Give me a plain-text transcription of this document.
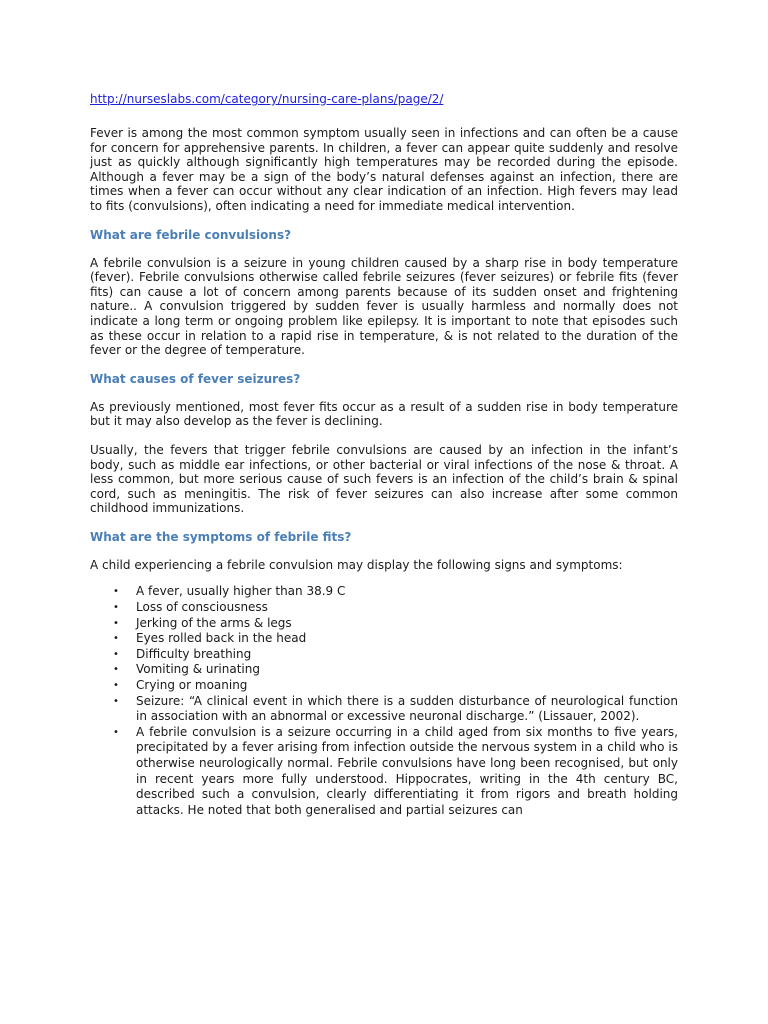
http://nurseslabs.com/category/nursing-care-plans/page/2/

Fever is among the most common symptom usually seen in infections and can often be a cause for concern for apprehensive parents. In children, a fever can appear quite suddenly and resolve just as quickly although significantly high temperatures may be recorded during the episode. Although a fever may be a sign of the body’s natural defenses against an infection, there are times when a fever can occur without any clear indication of an infection. High fevers may lead to fits (convulsions), often indicating a need for immediate medical intervention.

What are febrile convulsions?

A febrile convulsion is a seizure in young children caused by a sharp rise in body temperature (fever). Febrile convulsions otherwise called febrile seizures (fever seizures) or febrile fits (fever fits) can cause a lot of concern among parents because of its sudden onset and frightening nature.. A convulsion triggered by sudden fever is usually harmless and normally does not indicate a long term or ongoing problem like epilepsy. It is important to note that episodes such as these occur in relation to a rapid rise in temperature, & is not related to the duration of the fever or the degree of temperature.

What causes of fever seizures?

As previously mentioned, most fever fits occur as a result of a sudden rise in body temperature but it may also develop as the fever is declining.

Usually, the fevers that trigger febrile convulsions are caused by an infection in the infant’s body, such as middle ear infections, or other bacterial or viral infections of the nose & throat. A less common, but more serious cause of such fevers is an infection of the child’s brain & spinal cord, such as meningitis. The risk of fever seizures can also increase after some common childhood immunizations.

What are the symptoms of febrile fits?

A child experiencing a febrile convulsion may display the following signs and symptoms:

• A fever, usually higher than 38.9 C
• Loss of consciousness
• Jerking of the arms & legs
• Eyes rolled back in the head
• Difficulty breathing
• Vomiting & urinating
• Crying or moaning
• Seizure: “A clinical event in which there is a sudden disturbance of neurological function in association with an abnormal or excessive neuronal discharge.” (Lissauer, 2002).
• A febrile convulsion is a seizure occurring in a child aged from six months to five years, precipitated by a fever arising from infection outside the nervous system in a child who is otherwise neurologically normal. Febrile convulsions have long been recognised, but only in recent years more fully understood. Hippocrates, writing in the 4th century BC, described such a convulsion, clearly differentiating it from rigors and breath holding attacks. He noted that both generalised and partial seizures can
